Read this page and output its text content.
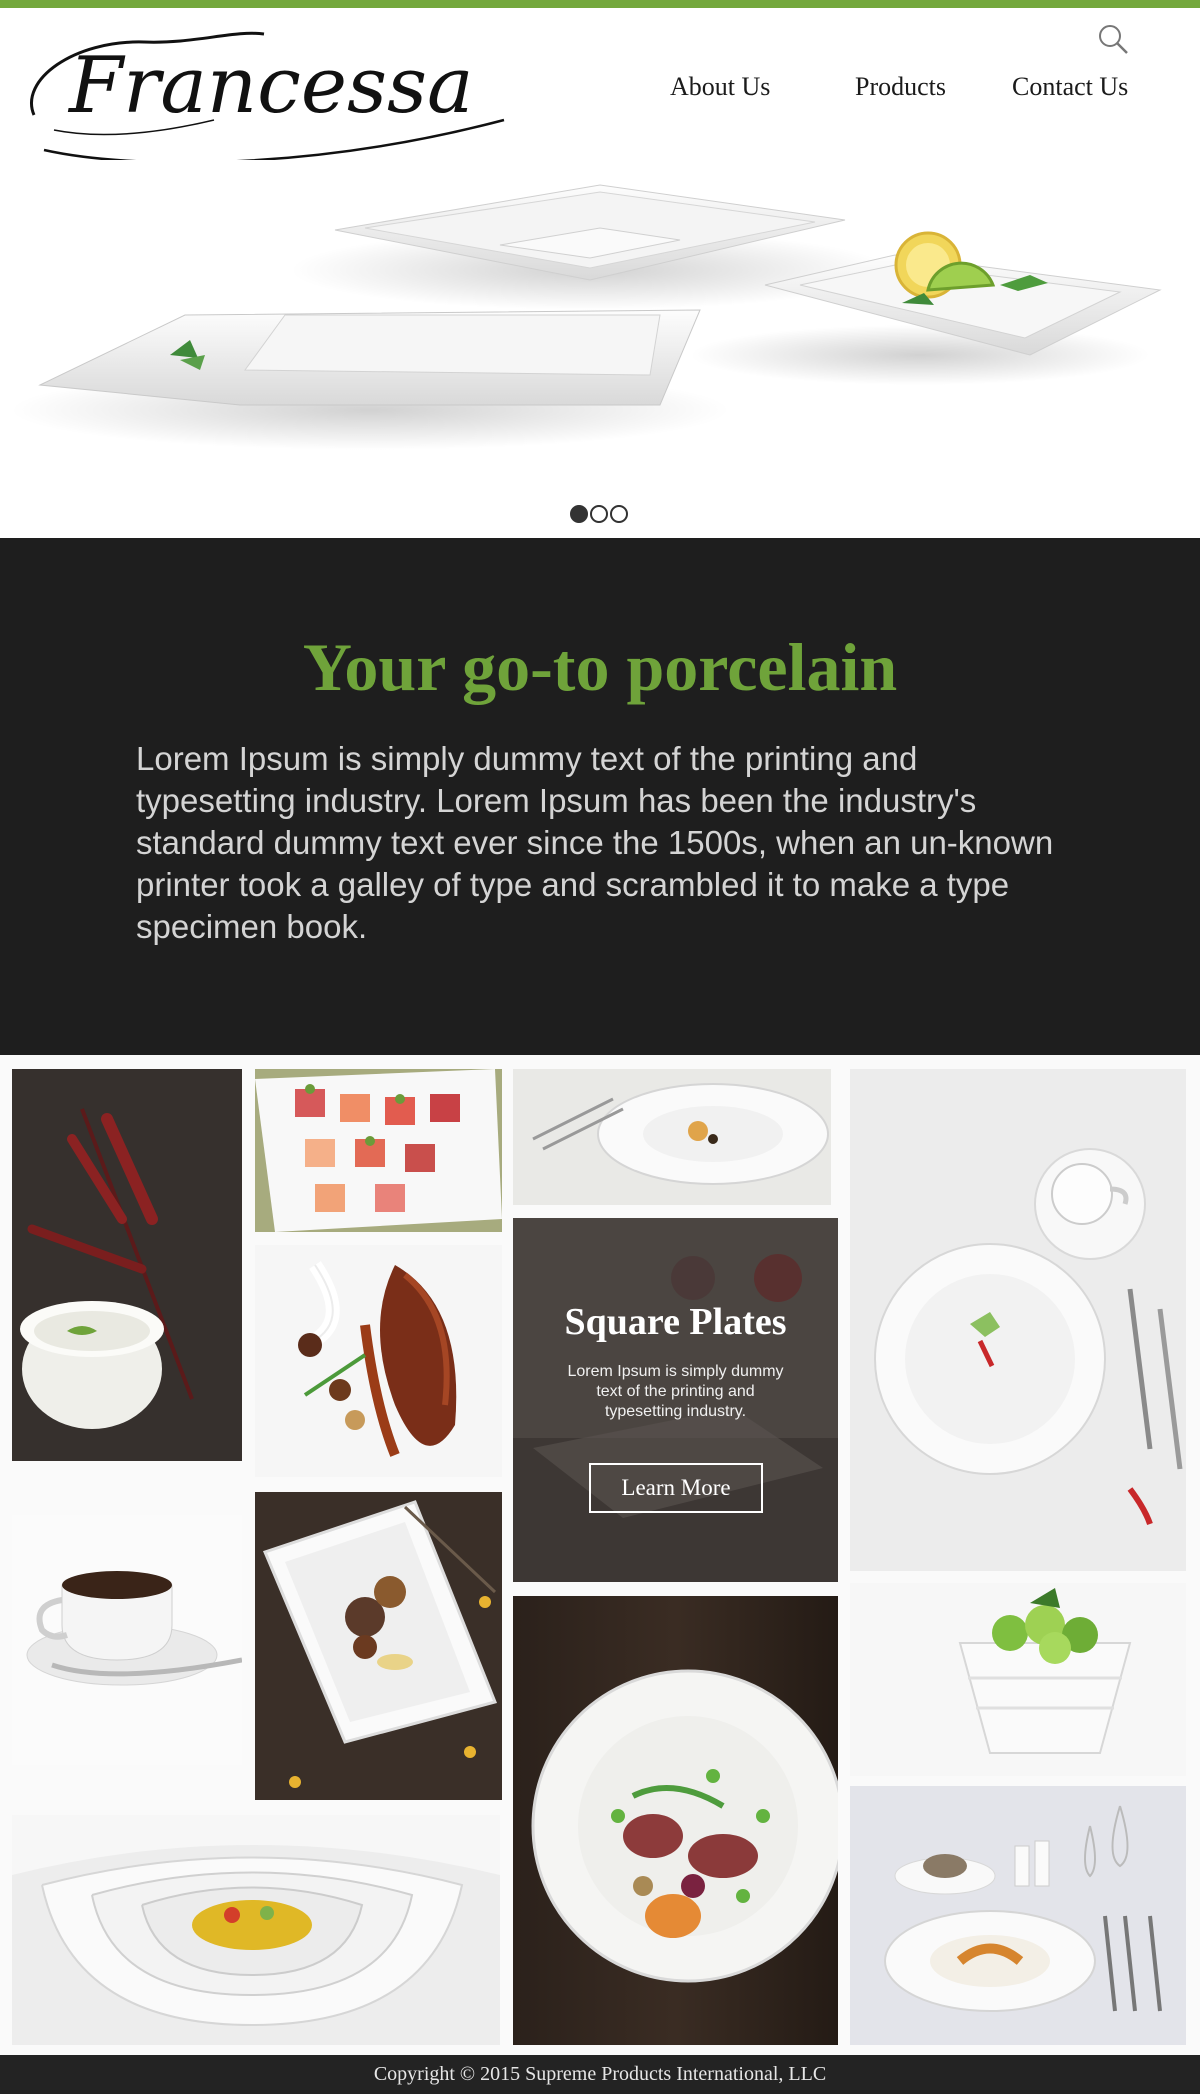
Francessa	About Us	Products	Contact Us
Your go-to porcelain

Lorem Ipsum is simply dummy text of the printing and typesetting industry. Lorem Ipsum has been the industry's standard dummy text ever since the 1500s, when an un-known printer took a galley of type and scrambled it to make a type specimen book.

Square Plates

Lorem Ipsum is simply dummy text of the printing and typesetting industry.

Learn More

Copyright © 2015 Supreme Products International, LLC
